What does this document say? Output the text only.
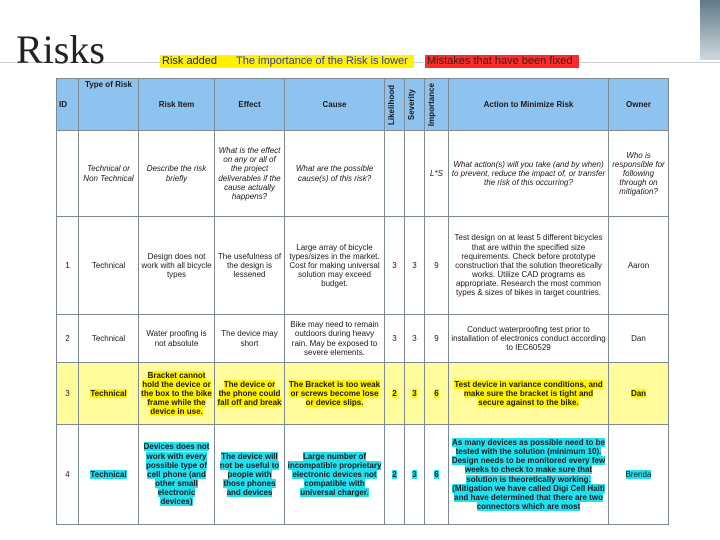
Risks	Risk added	The importance of the Risk is lower	Mistakes that have been fixed
ID	Type of Risk	Risk Item	Effect	Cause	Likelihood	Severity	Importance	Action to Minimize Risk	Owner
	Technical or Non Technical	Describe the risk briefly	What is the effect on any or all of the project deliverables if the cause actually happens?	What are the possible cause(s) of this risk?			L*S	What action(s) will you take (and by when) to prevent, reduce the impact of, or transfer the risk of this occurring?	Who is responsible for following through on mitigation?
1	Technical	Design does not work with all bicycle types	The usefulness of the design is lessened	Large array of bicycle types/sizes in the market. Cost for making universal solution may exceed budget.	3	3	9	Test design on at least 5 different bicycles that are within the specified size requirements. Check before prototype construction that the solution theoretically works. Utilize CAD programs as appropriate. Research the most common types & sizes of bikes in target countries.	Aaron
2	Technical	Water proofing is not absolute	The device may short	Bike may need to remain outdoors during heavy rain. May be exposed to severe elements.	3	3	9	Conduct waterproofing test prior to installation of electronics conduct according to IEC60529	Dan
3	Technical	Bracket cannot hold the device or the box to the bike frame while the device in use.	The device or the phone could fall off and break	The Bracket is too weak or screws become lose or device slips.	2	3	6	Test device in variance conditions, and make sure the bracket is tight and secure against to the bike.	Dan
4	Technical	Devices does not work with every possible type of cell phone (and other small electronic devices)	The device will not be useful to people with those phones and devices	Large number of incompatible proprietary electronic devices not compatible with universal charger.	2	3	6	As many devices as possible need to be tested with the solution (minimum 10). Design needs to be monitored every few weeks to check to make sure that solution is theoretically working. (Mitigation we have called Digi Cell Haiti and have determined that there are two connectors which are most	Brenda
